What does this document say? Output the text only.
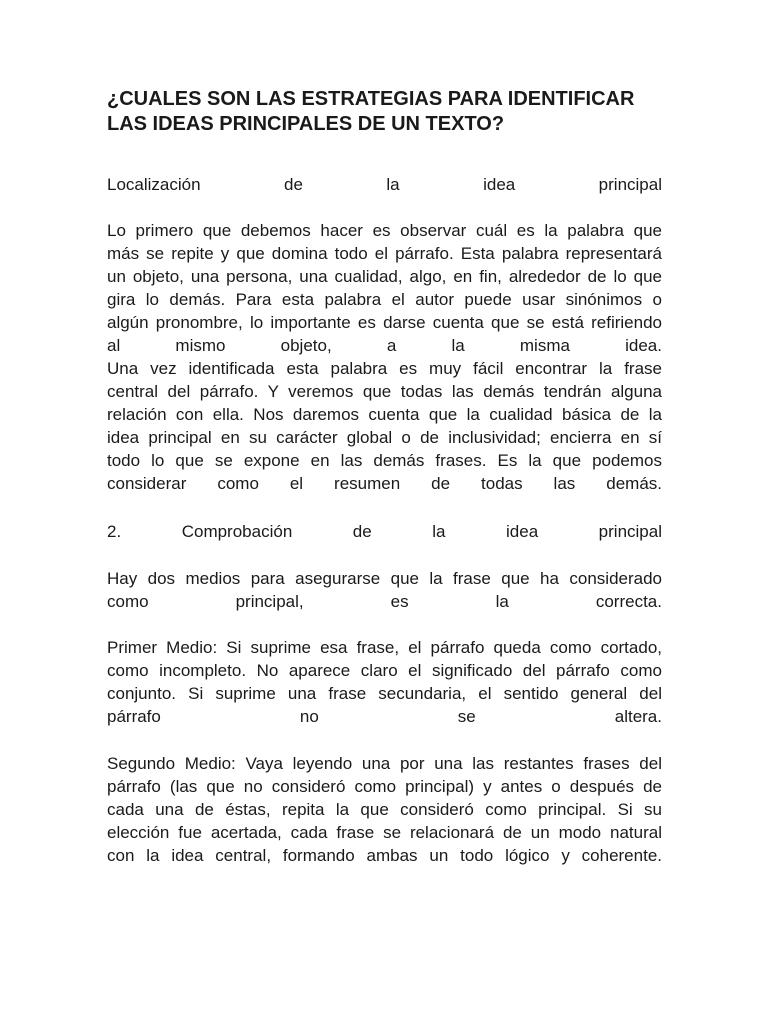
¿CUALES SON LAS ESTRATEGIAS PARA IDENTIFICAR LAS IDEAS PRINCIPALES DE UN TEXTO?

Localización de la idea principal

Lo primero que debemos hacer es observar cuál es la palabra que

más se repite y que domina todo el párrafo. Esta palabra representará

un objeto, una persona, una cualidad, algo, en fin, alrededor de lo que

gira lo demás. Para esta palabra el autor puede usar sinónimos o

algún pronombre, lo importante es darse cuenta que se está refiriendo

al mismo objeto, a la misma idea.

Una vez identificada esta palabra es muy fácil encontrar la frase

central del párrafo. Y veremos que todas las demás tendrán alguna

relación con ella. Nos daremos cuenta que la cualidad básica de la

idea principal en su carácter global o de inclusividad; encierra en sí

todo lo que se expone en las demás frases. Es la que podemos

considerar como el resumen de todas las demás.

2. Comprobación de la idea principal

Hay dos medios para asegurarse que la frase que ha considerado

como principal, es la correcta.

Primer Medio: Si suprime esa frase, el párrafo queda como cortado,

como incompleto. No aparece claro el significado del párrafo como

conjunto. Si suprime una frase secundaria, el sentido general del

párrafo no se altera.

Segundo Medio: Vaya leyendo una por una las restantes frases del

párrafo (las que no consideró como principal) y antes o después de

cada una de éstas, repita la que consideró como principal. Si su

elección fue acertada, cada frase se relacionará de un modo natural

con la idea central, formando ambas un todo lógico y coherente.
